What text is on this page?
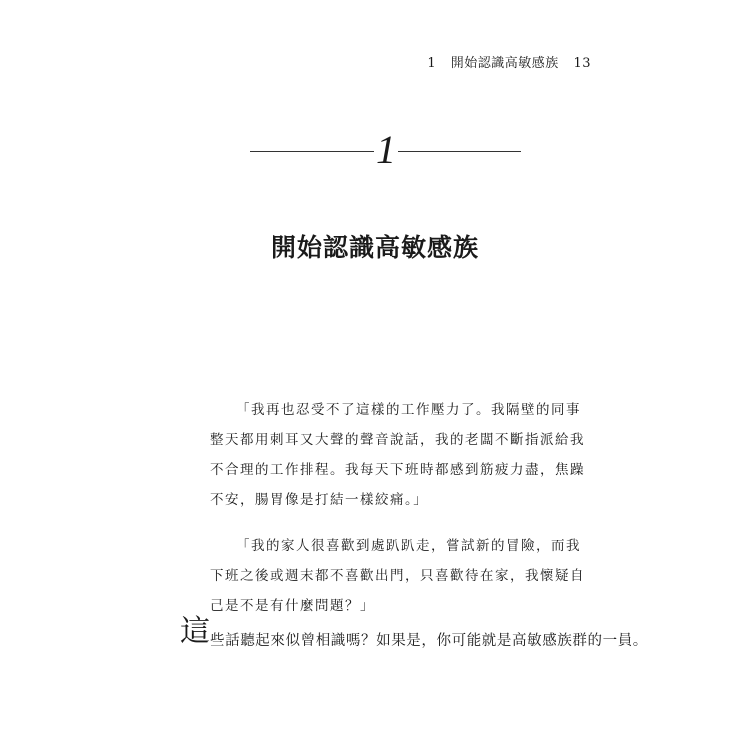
1 開始認識高敏感族 13
1
開始認識高敏感族

「我再也忍受不了這樣的工作壓力了。我隔壁的同事整天都用刺耳又大聲的聲音說話，我的老闆不斷指派給我不合理的工作排程。我每天下班時都感到筋疲力盡，焦躁不安，腸胃像是打結一樣絞痛。」

「我的家人很喜歡到處趴趴走，嘗試新的冒險，而我下班之後或週末都不喜歡出門，只喜歡待在家，我懷疑自己是不是有什麼問題？」

這些話聽起來似曾相識嗎？如果是，你可能就是高敏感族群的一員。
